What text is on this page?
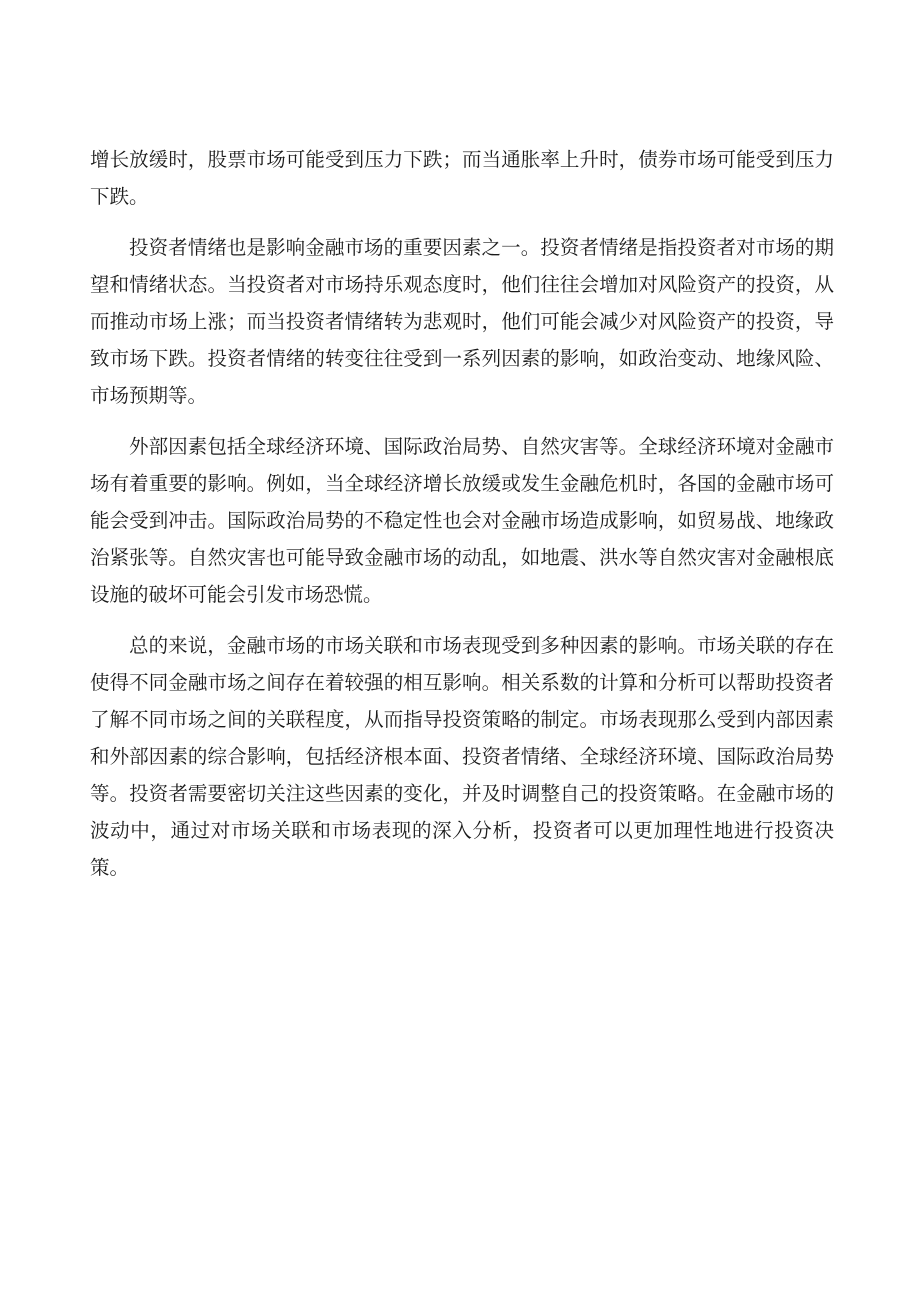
增长放缓时，股票市场可能受到压力下跌；而当通胀率上升时，债券市场可能受到压力下跌。

投资者情绪也是影响金融市场的重要因素之一。投资者情绪是指投资者对市场的期望和情绪状态。当投资者对市场持乐观态度时，他们往往会增加对风险资产的投资，从而推动市场上涨；而当投资者情绪转为悲观时，他们可能会减少对风险资产的投资，导致市场下跌。投资者情绪的转变往往受到一系列因素的影响，如政治变动、地缘风险、市场预期等。

外部因素包括全球经济环境、国际政治局势、自然灾害等。全球经济环境对金融市场有着重要的影响。例如，当全球经济增长放缓或发生金融危机时，各国的金融市场可能会受到冲击。国际政治局势的不稳定性也会对金融市场造成影响，如贸易战、地缘政治紧张等。自然灾害也可能导致金融市场的动乱，如地震、洪水等自然灾害对金融根底设施的破坏可能会引发市场恐慌。

总的来说，金融市场的市场关联和市场表现受到多种因素的影响。市场关联的存在使得不同金融市场之间存在着较强的相互影响。相关系数的计算和分析可以帮助投资者了解不同市场之间的关联程度，从而指导投资策略的制定。市场表现那么受到内部因素和外部因素的综合影响，包括经济根本面、投资者情绪、全球经济环境、国际政治局势等。投资者需要密切关注这些因素的变化，并及时调整自己的投资策略。在金融市场的波动中，通过对市场关联和市场表现的深入分析，投资者可以更加理性地进行投资决策。
